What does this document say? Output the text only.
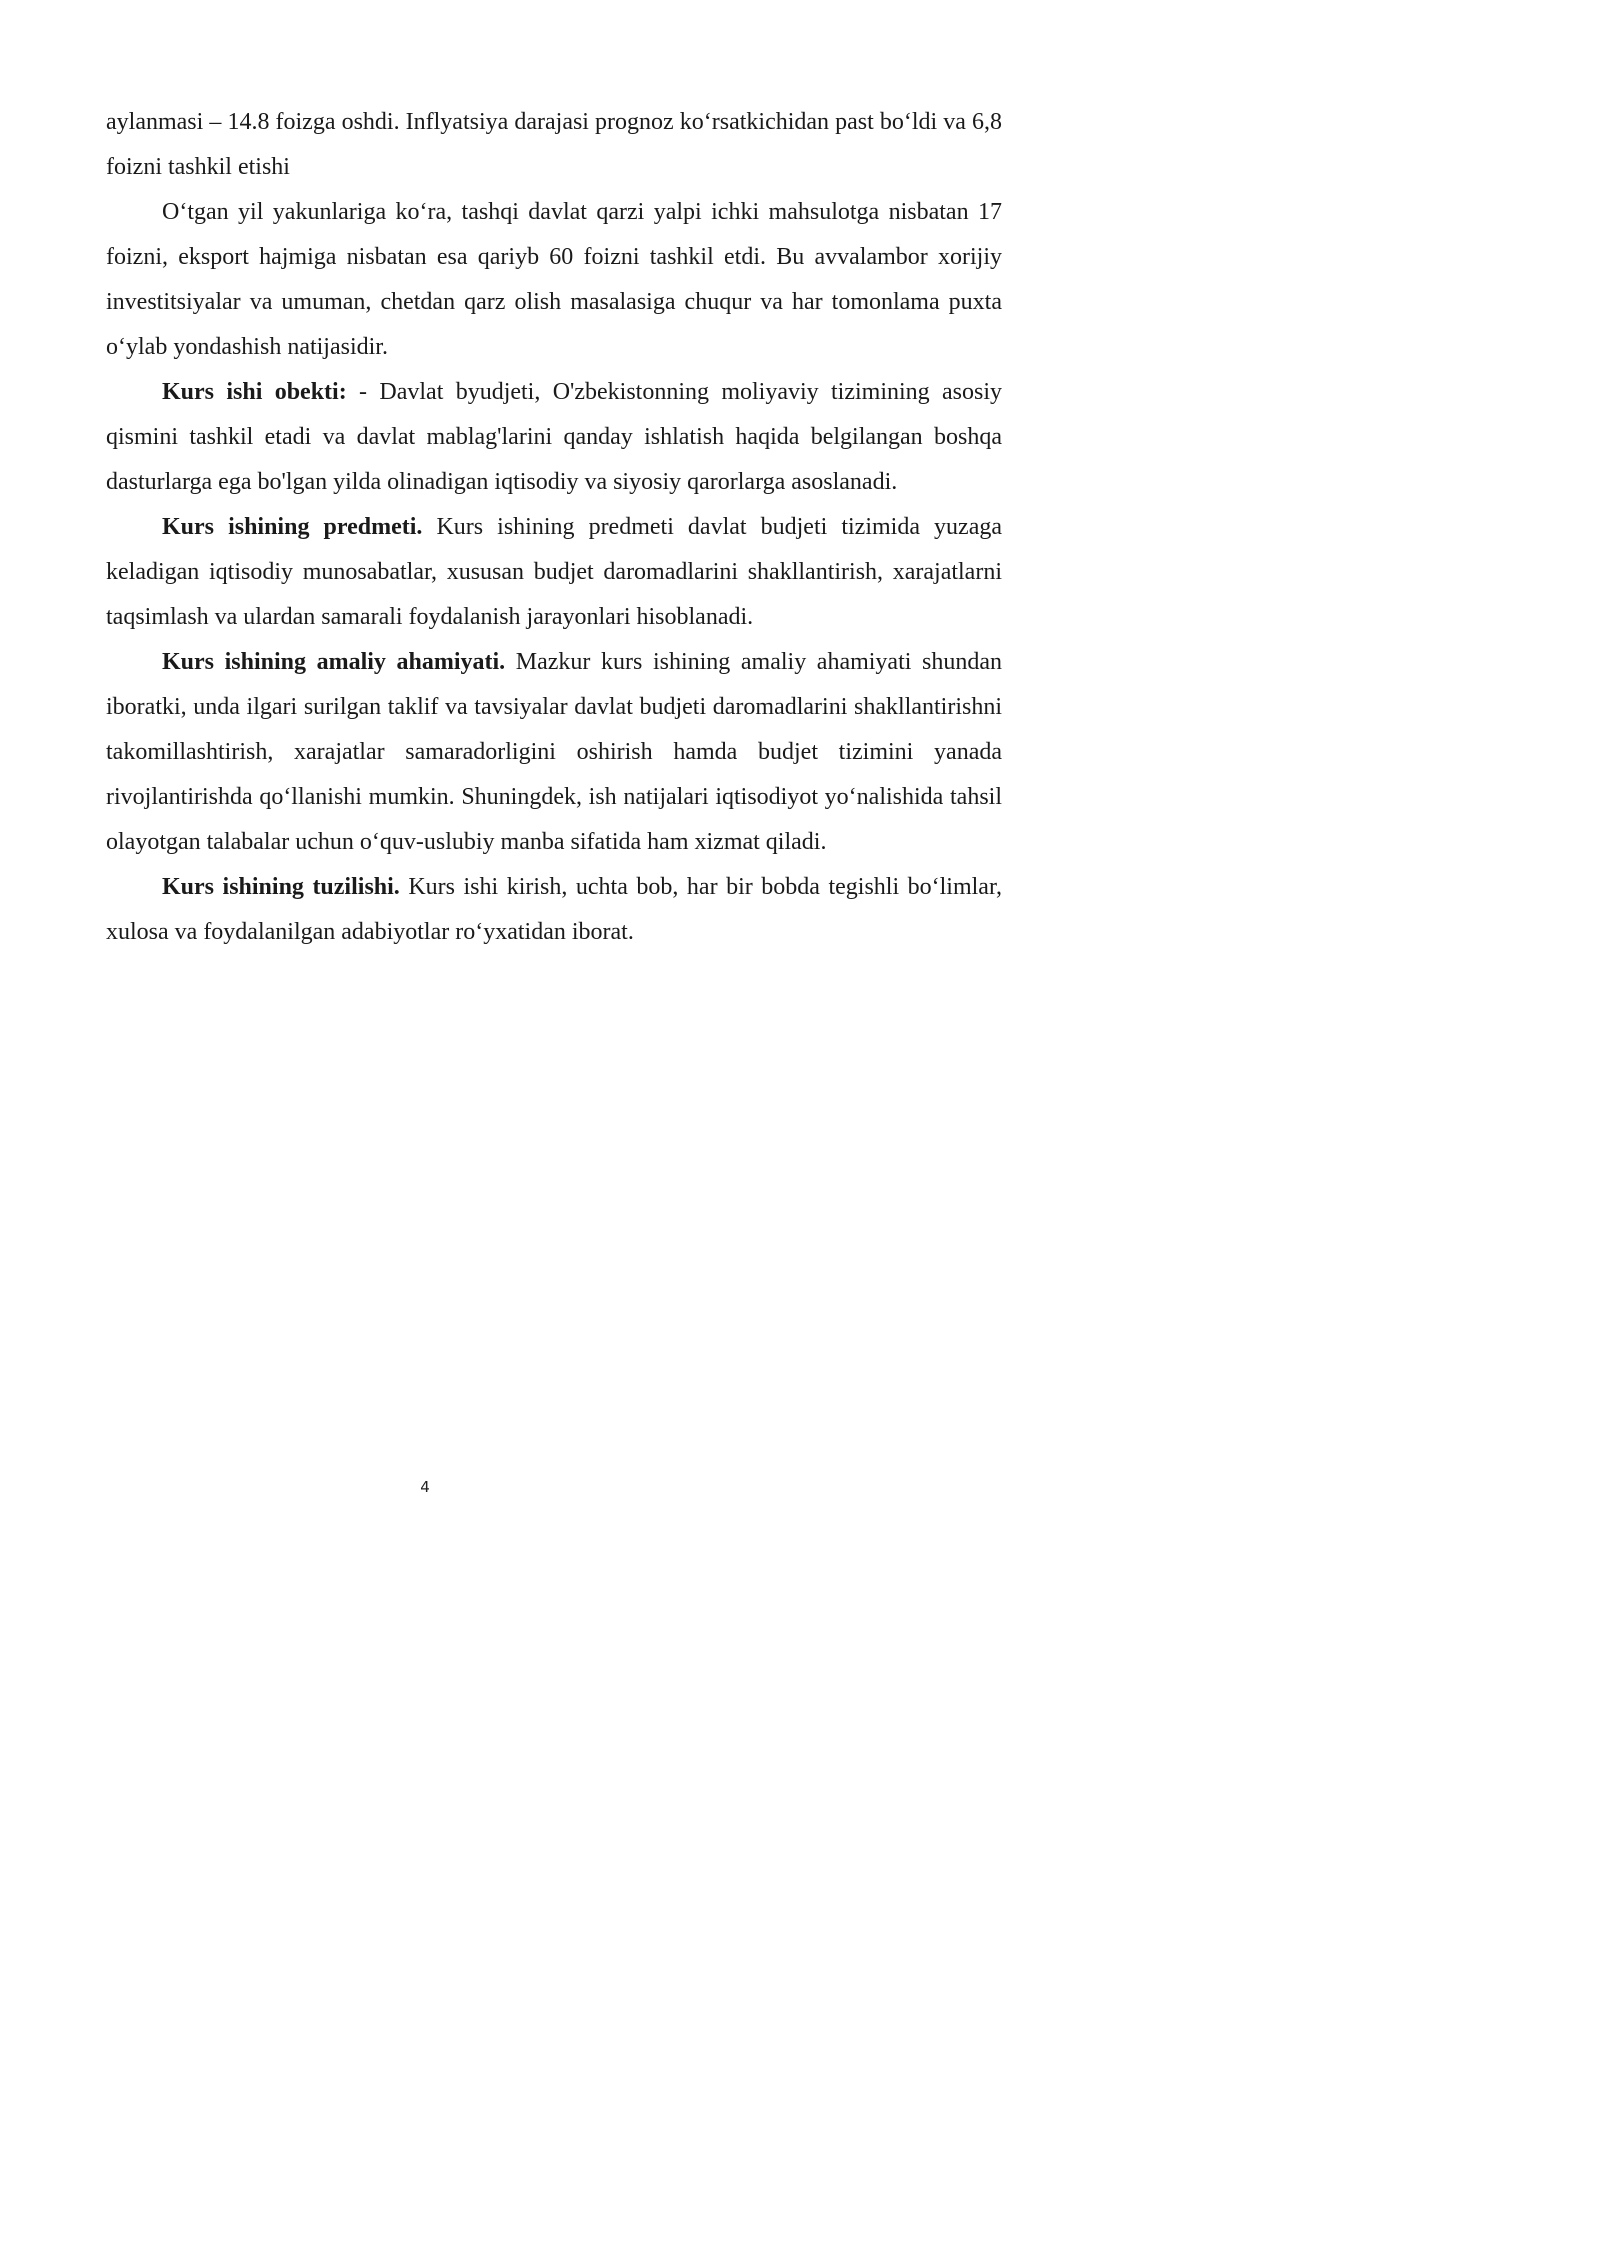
aylanmasi – 14.8 foizga oshdi. Inflyatsiya darajasi prognoz koʻrsatkichidan past boʻldi va 6,8 foizni tashkil etishi

Oʻtgan yil yakunlariga koʻra, tashqi davlat qarzi yalpi ichki mahsulotga nisbatan 17 foizni, eksport hajmiga nisbatan esa qariyb 60 foizni tashkil etdi. Bu avvalambor xorijiy investitsiyalar va umuman, chetdan qarz olish masalasiga chuqur va har tomonlama puxta oʻylab yondashish natijasidir.

Kurs ishi obekti: - Davlat byudjeti, O'zbekistonning moliyaviy tizimining asosiy qismini tashkil etadi va davlat mablag'larini qanday ishlatish haqida belgilangan boshqa dasturlarga ega bo'lgan yilda olinadigan iqtisodiy va siyosiy qarorlarga asoslanadi.

Kurs ishining predmeti. Kurs ishining predmeti davlat budjeti tizimida yuzaga keladigan iqtisodiy munosabatlar, xususan budjet daromadlarini shakllantirish, xarajatlarni taqsimlash va ulardan samarali foydalanish jarayonlari hisoblanadi.

Kurs ishining amaliy ahamiyati. Mazkur kurs ishining amaliy ahamiyati shundan iboratki, unda ilgari surilgan taklif va tavsiyalar davlat budjeti daromadlarini shakllantirishni takomillashtirish, xarajatlar samaradorligini oshirish hamda budjet tizimini yanada rivojlantirishda qoʻllanishi mumkin. Shuningdek, ish natijalari iqtisodiyot yoʻnalishida tahsil olayotgan talabalar uchun oʻquv-uslubiy manba sifatida ham xizmat qiladi.

Kurs ishining tuzilishi. Kurs ishi kirish, uchta bob, har bir bobda tegishli boʻlimlar, xulosa va foydalanilgan adabiyotlar roʻyxatidan iborat.

4
